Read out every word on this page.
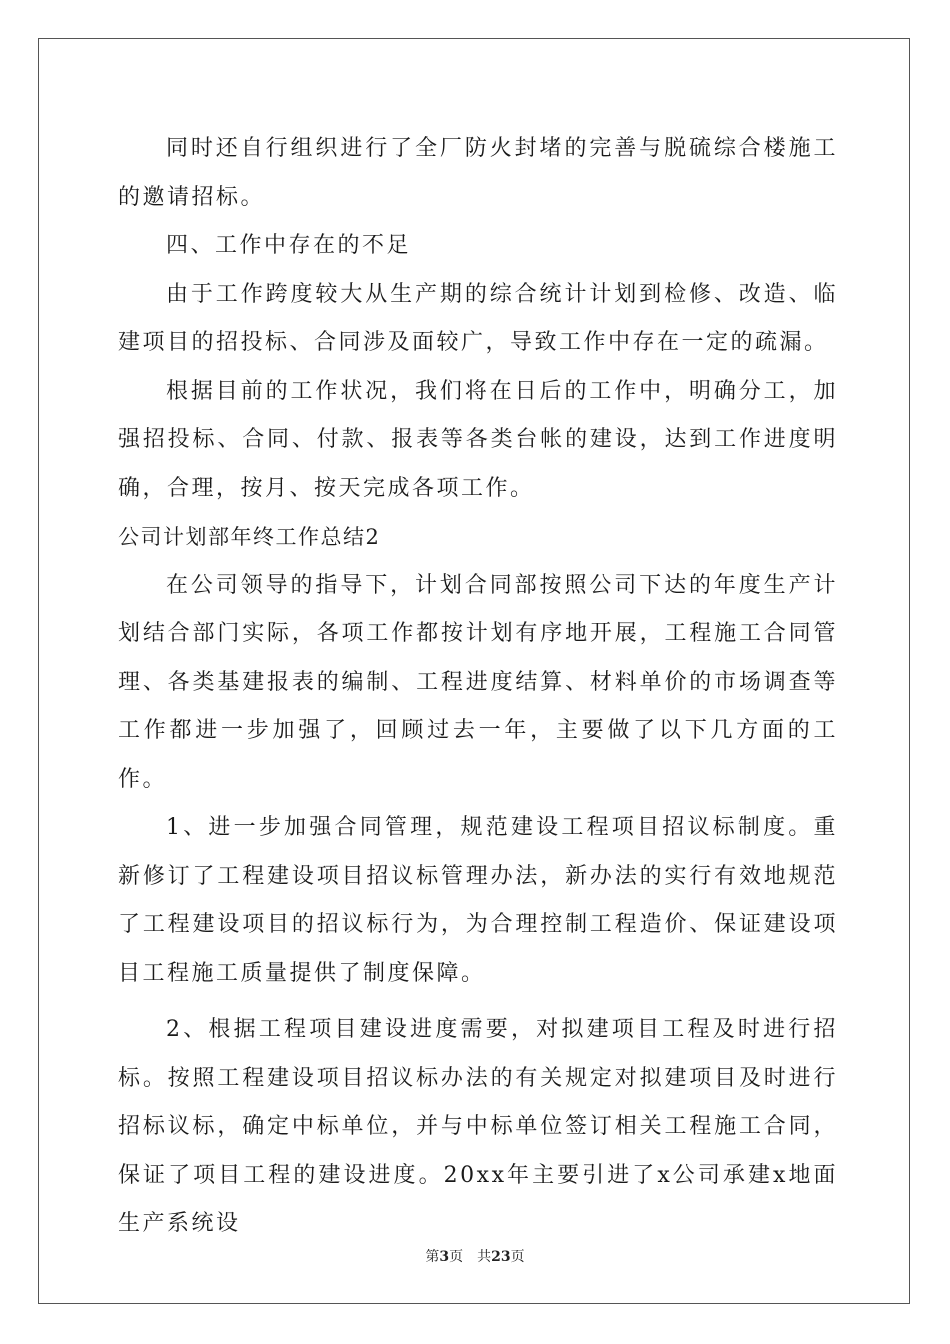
同时还自行组织进行了全厂防火封堵的完善与脱硫综合楼施工的邀请招标。

四、工作中存在的不足

由于工作跨度较大从生产期的综合统计计划到检修、改造、临建项目的招投标、合同涉及面较广，导致工作中存在一定的疏漏。

根据目前的工作状况，我们将在日后的工作中，明确分工，加强招投标、合同、付款、报表等各类台帐的建设，达到工作进度明确，合理，按月、按天完成各项工作。

公司计划部年终工作总结2

在公司领导的指导下，计划合同部按照公司下达的年度生产计划结合部门实际，各项工作都按计划有序地开展，工程施工合同管理、各类基建报表的编制、工程进度结算、材料单价的市场调查等工作都进一步加强了，回顾过去一年，主要做了以下几方面的工作。

1、进一步加强合同管理，规范建设工程项目招议标制度。重新修订了工程建设项目招议标管理办法，新办法的实行有效地规范了工程建设项目的招议标行为，为合理控制工程造价、保证建设项目工程施工质量提供了制度保障。

2、根据工程项目建设进度需要，对拟建项目工程及时进行招标。按照工程建设项目招议标办法的有关规定对拟建项目及时进行招标议标，确定中标单位，并与中标单位签订相关工程施工合同，保证了项目工程的建设进度。20xx年主要引进了x公司承建x地面生产系统设

第3页 共23页
